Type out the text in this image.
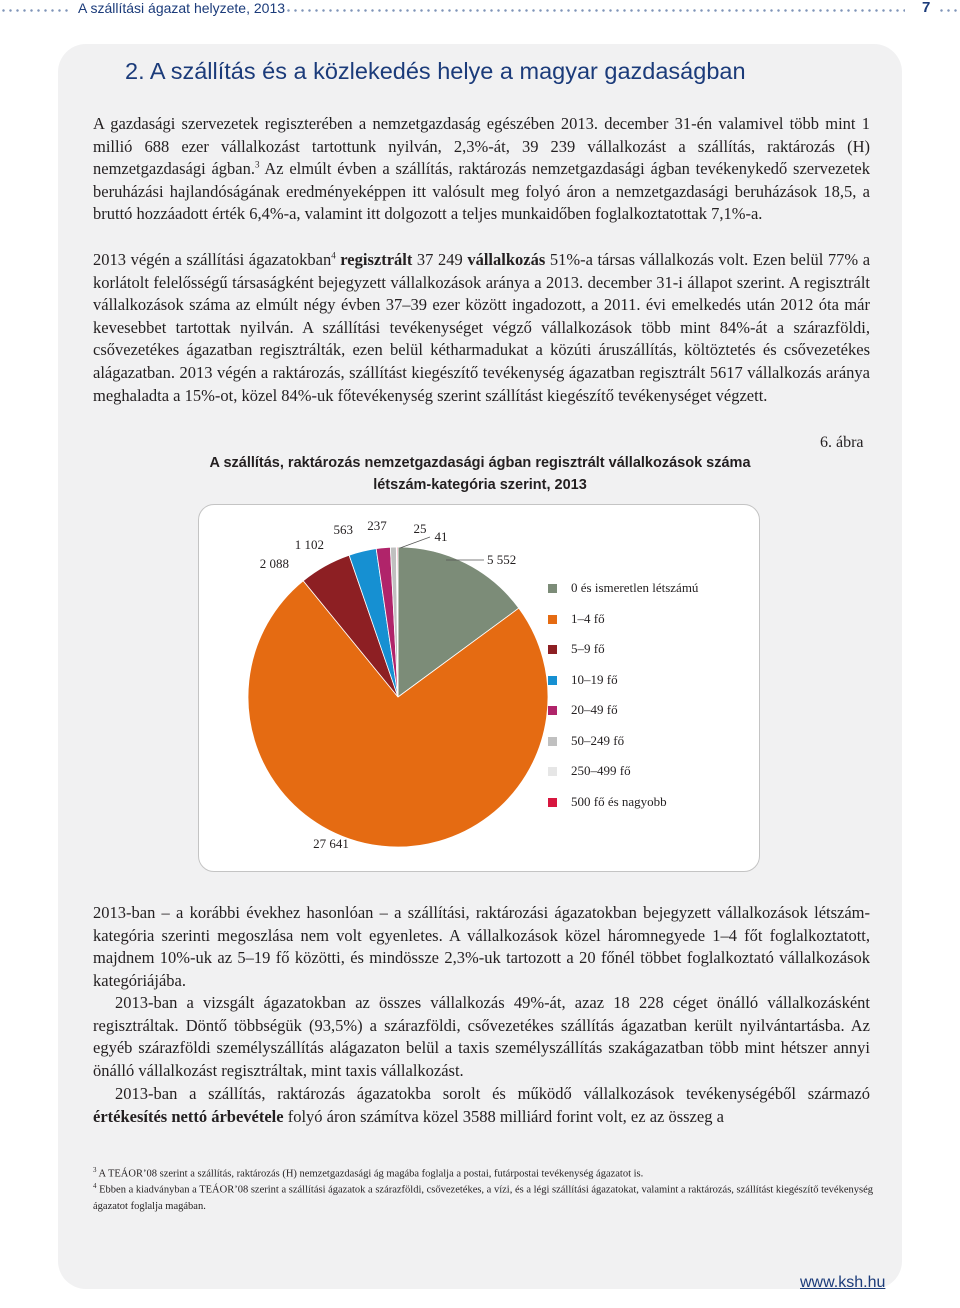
A szállítási ágazat helyzete, 2013	7
2. A szállítás és a közlekedés helye a magyar gazdaságban

A gazdasági szervezetek regiszterében a nemzetgazdaság egészében 2013. december 31-én valamivel több mint 1 millió 688 ezer vállalkozást tartottunk nyilván, 2,3%-át, 39 239 vállalkozást a szállítás, raktározás (H) nemzetgazdasági ágban.$^3$ Az elmúlt évben a szállítás, raktározás nemzetgazdasági ágban tevékenykedő szervezetek beruházási hajlandóságának eredményeképpen itt valósult meg folyó áron a nemzetgazdasági beruházások 18,5, a bruttó hozzáadott érték 6,4%-a, valamint itt dolgozott a teljes munkaidőben foglalkoztatottak 7,1%-a.

2013 végén a szállítási ágazatokban$^4$ regisztrált 37 249 vállalkozás 51%-a társas vállalkozás volt. Ezen belül 77% a korlátolt felelősségű társaságként bejegyzett vállalkozások aránya a 2013. december 31-i állapot szerint. A regisztrált vállalkozások száma az elmúlt négy évben 37–39 ezer között ingadozott, a 2011. évi emelkedés után 2012 óta már kevesebbet tartottak nyilván. A szállítási tevékenységet végző vállalkozások több mint 84%-át a szárazföldi, csővezetékes ágazatban regisztrálták, ezen belül kétharmadukat a közúti áruszállítás, költöztetés és csővezetékes alágazatban. 2013 végén a raktározás, szállítást kiegészítő tevékenység ágazatban regisztrált 5617 vállalkozás aránya meghaladta a 15%-ot, közel 84%-uk főtevékenység szerint szállítást kiegészítő tevékenységet végzett.

6. ábra
A szállítás, raktározás nemzetgazdasági ágban regisztrált vállalkozások száma
létszám-kategória szerint, 2013
5 552
27 641
2 088
1 102
563 237 25
41
0 és ismeretlen létszámú
1–4 fő
5–9 fő
10–19 fő
20–49 fő
50–249 fő
250–499 fő
500 fő és nagyobb

2013-ban – a korábbi évekhez hasonlóan – a szállítási, raktározási ágazatokban bejegyzett vállalkozások létszám-kategória szerinti megoszlása nem volt egyenletes. A vállalkozások közel háromnegyede 1–4 főt foglalkoztatott, majdnem 10%-uk az 5–19 fő közötti, és mindössze 2,3%-uk tartozott a 20 főnél többet foglalkoztató vállalkozások kategóriájába.

2013-ban a vizsgált ágazatokban az összes vállalkozás 49%-át, azaz 18 228 céget önálló vállalkozásként regisztráltak. Döntő többségük (93,5%) a szárazföldi, csővezetékes szállítás ágazatban került nyilvántartásba. Az egyéb szárazföldi személyszállítás alágazaton belül a taxis személyszállítás szakágazatban több mint hétszer annyi önálló vállalkozást regisztráltak, mint taxis vállalkozást.

2013-ban a szállítás, raktározás ágazatokba sorolt és működő vállalkozások tevékenységéből származó értékesítés nettó árbevétele folyó áron számítva közel 3588 milliárd forint volt, ez az összeg a

$^3$ A TEÁOR’08 szerint a szállítás, raktározás (H) nemzetgazdasági ág magába foglalja a postai, futárpostai tevékenység ágazatot is.

$^4$ Ebben a kiadványban a TEÁOR’08 szerint a szállítási ágazatok a szárazföldi, csővezetékes, a vízi, és a légi szállítási ágazatokat, valamint a raktározás, szállítást kiegészítő tevékenység ágazatot foglalja magában.

www.ksh.hu
